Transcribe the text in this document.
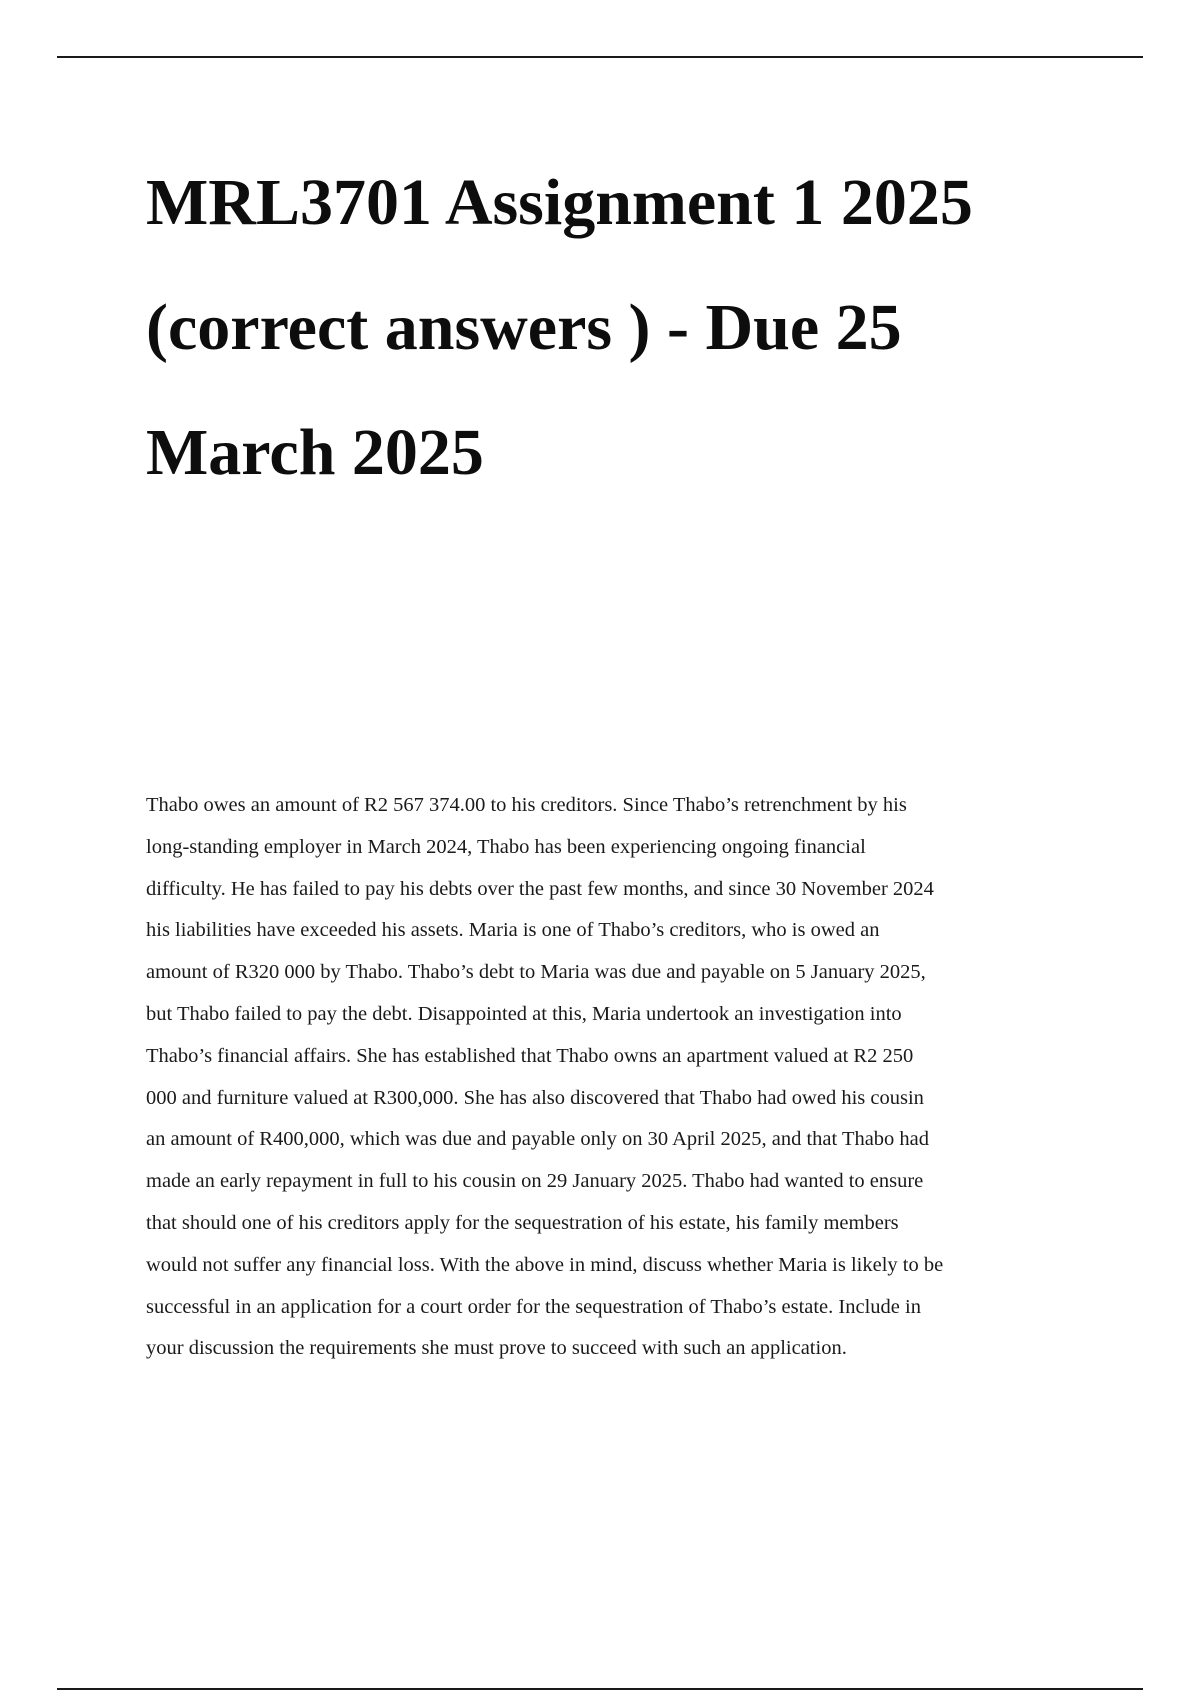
MRL3701 Assignment 1 2025
(correct answers ) - Due 25
March 2025
Thabo owes an amount of R2 567 374.00 to his creditors. Since Thabo’s retrenchment by his
long-standing employer in March 2024, Thabo has been experiencing ongoing financial
difficulty. He has failed to pay his debts over the past few months, and since 30 November 2024
his liabilities have exceeded his assets. Maria is one of Thabo’s creditors, who is owed an
amount of R320 000 by Thabo. Thabo’s debt to Maria was due and payable on 5 January 2025,
but Thabo failed to pay the debt. Disappointed at this, Maria undertook an investigation into
Thabo’s financial affairs. She has established that Thabo owns an apartment valued at R2 250
000 and furniture valued at R300,000. She has also discovered that Thabo had owed his cousin
an amount of R400,000, which was due and payable only on 30 April 2025, and that Thabo had
made an early repayment in full to his cousin on 29 January 2025. Thabo had wanted to ensure
that should one of his creditors apply for the sequestration of his estate, his family members
would not suffer any financial loss. With the above in mind, discuss whether Maria is likely to be
successful in an application for a court order for the sequestration of Thabo’s estate. Include in
your discussion the requirements she must prove to succeed with such an application.
